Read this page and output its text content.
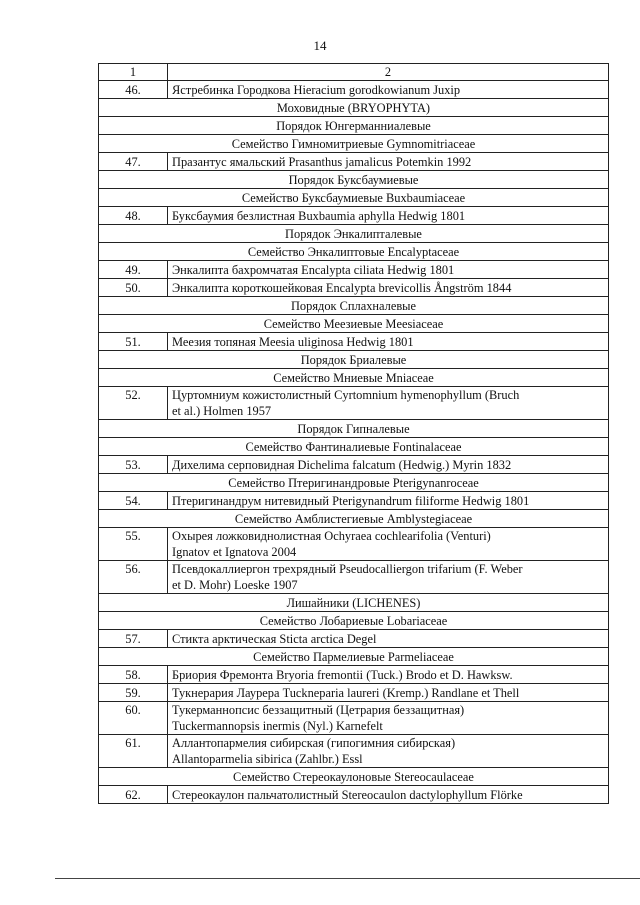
14
1	2
46.	Ястребинка Городкова Hieracium gorodkowianum Juxip
Моховидные (BRYOPHYTA)	
Порядок Юнгерманниалевые	
Семейство Гимномитриевые Gymnomitriaceae	
47.	Празантус ямальский Prasanthus jamalicus Potemkin 1992
Порядок Буксбаумиевые	
Семейство Буксбаумиевые Buxbaumiaceae	
48.	Буксбаумия безлистная Buxbaumia aphylla Hedwig 1801
Порядок Энкалипталевые	
Семейство Энкалиптовые Encalyptaceae	
49.	Энкалипта бахромчатая Encalypta ciliata Hedwig 1801
50.	Энкалипта короткошейковая Encalypta brevicollis Ångström 1844
Порядок Сплахналевые	
Семейство Меезиевые Meesiaceae	
51.	Меезия топяная Meesia uliginosa Hedwig 1801
Порядок Бриалевые	
Семейство Мниевые Mniaceae	
52.	Цуртомниум кожистолистный Cyrtomnium hymenophyllum (Bruch
et al.) Holmen 1957

Порядок Гипналевые	
Семейство Фантиналиевые Fontinalaceae	
53.	Дихелима серповидная Dichelima falcatum (Hedwig.) Myrin 1832
Семейство Птеригинандровые Pterigynanroceae	
54.	Птеригинандрум нитевидный Pterigynandrum filiforme Hedwig 1801
Семейство Амблистегиевые Amblystegiaceae	
55.	Охырея ложковиднолистная Ochyraea cochlearifolia (Venturi)
Ignatov et Ignatova 2004

56.	Псевдокаллиергон трехрядный Pseudocalliergon trifarium (F. Weber
et D. Mohr) Loeske 1907

Лишайники (LICHENES)	
Семейство Лобариевые Lobariaceae	
57.	Стикта арктическая Sticta arctica Degel
Семейство Пармелиевые Parmeliaceae	
58.	Бриория Фремонта Bryoria fremontii (Tuck.) Brodo et D. Hawksw.
59.	Тукнерария Лаурера Tucknераria laureri (Kremp.) Randlane et Thell
60.	Тукерманнопсис беззащитный (Цетрария беззащитная)
Tuckermannopsis inermis (Nyl.) Karnefelt

61.	Аллантопармелия сибирская (гипогимния сибирская)
Allantoparmelia sibirica (Zahlbr.) Essl

Семейство Стереокаулоновые Stereocaulaceae	
62.	Стереокаулон пальчатолистный Stereocaulon dactylophyllum Flörke
